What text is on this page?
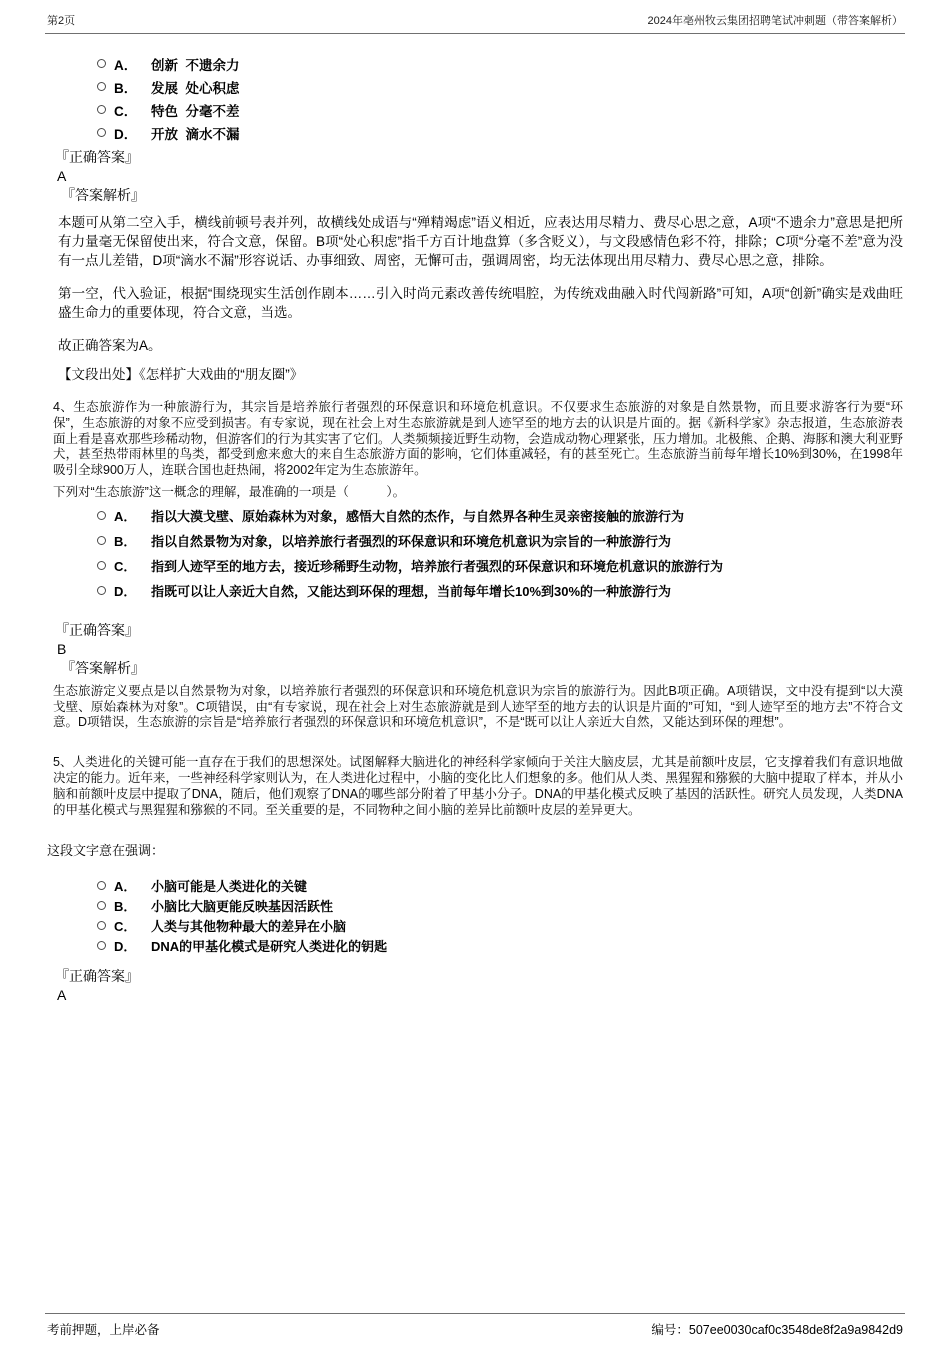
第2页	2024年亳州牧云集团招聘笔试冲刺题（带答案解析）
A．	创新  不遗余力
B．	发展  处心积虑
C．	特色  分毫不差
D．	开放  滴水不漏
『正确答案』
A
『答案解析』

本题可从第二空入手，横线前顿号表并列，故横线处成语与“殚精竭虑”语义相近，应表达用尽精力、费尽心思之意，A项“不遗余力”意思是把所有力量毫无保留使出来，符合文意，保留。B项“处心积虑”指千方百计地盘算（多含贬义），与文段感情色彩不符，排除；C项“分毫不差”意为没有一点儿差错，D项“滴水不漏”形容说话、办事细致、周密，无懈可击，强调周密，均无法体现出用尽精力、费尽心思之意，排除。

第一空，代入验证，根据“围绕现实生活创作剧本……引入时尚元素改善传统唱腔，为传统戏曲融入时代闯新路”可知，A项“创新”确实是戏曲旺盛生命力的重要体现，符合文意，当选。

故正确答案为A。

【文段出处】《怎样扩大戏曲的“朋友圈”》

4、生态旅游作为一种旅游行为，其宗旨是培养旅行者强烈的环保意识和环境危机意识。不仅要求生态旅游的对象是自然景物，而且要求游客行为要“环保”，生态旅游的对象不应受到损害。有专家说，现在社会上对生态旅游就是到人迹罕至的地方去的认识是片面的。据《新科学家》杂志报道，生态旅游表面上看是喜欢那些珍稀动物，但游客们的行为其实害了它们。人类频频接近野生动物，会造成动物心理紧张，压力增加。北极熊、企鹅、海豚和澳大利亚野犬，甚至热带雨林里的鸟类，都受到愈来愈大的来自生态旅游方面的影响，它们体重减轻，有的甚至死亡。生态旅游当前每年增长10%到30%，在1998年吸引全球900万人，连联合国也赶热闹，将2002年定为生态旅游年。

下列对“生态旅游”这一概念的理解，最准确的一项是（　　　）。

A．	指以大漠戈壁、原始森林为对象，感悟大自然的杰作，与自然界各种生灵亲密接触的旅游行为
B．	指以自然景物为对象，以培养旅行者强烈的环保意识和环境危机意识为宗旨的一种旅游行为
C．	指到人迹罕至的地方去，接近珍稀野生动物，培养旅行者强烈的环保意识和环境危机意识的旅游行为
D．	指既可以让人亲近大自然，又能达到环保的理想，当前每年增长10%到30%的一种旅游行为
『正确答案』
B
『答案解析』

生态旅游定义要点是以自然景物为对象，以培养旅行者强烈的环保意识和环境危机意识为宗旨的旅游行为。因此B项正确。A项错误，文中没有提到“以大漠戈壁、原始森林为对象”。C项错误，由“有专家说，现在社会上对生态旅游就是到人迹罕至的地方去的认识是片面的”可知，“到人迹罕至的地方去”不符合文意。D项错误，生态旅游的宗旨是“培养旅行者强烈的环保意识和环境危机意识”，不是“既可以让人亲近大自然，又能达到环保的理想”。

5、人类进化的关键可能一直存在于我们的思想深处。试图解释大脑进化的神经科学家倾向于关注大脑皮层，尤其是前额叶皮层，它支撑着我们有意识地做决定的能力。近年来，一些神经科学家则认为，在人类进化过程中，小脑的变化比人们想象的多。他们从人类、黑猩猩和猕猴的大脑中提取了样本，并从小脑和前额叶皮层中提取了DNA，随后，他们观察了DNA的哪些部分附着了甲基小分子。DNA的甲基化模式反映了基因的活跃性。研究人员发现，人类DNA的甲基化模式与黑猩猩和猕猴的不同。至关重要的是，不同物种之间小脑的差异比前额叶皮层的差异更大。

这段文字意在强调：

A．	小脑可能是人类进化的关键
B．	小脑比大脑更能反映基因活跃性
C．	人类与其他物种最大的差异在小脑
D．	DNA的甲基化模式是研究人类进化的钥匙
『正确答案』
A
考前押题，上岸必备	编号：507ee0030caf0c3548de8f2a9a9842d9
